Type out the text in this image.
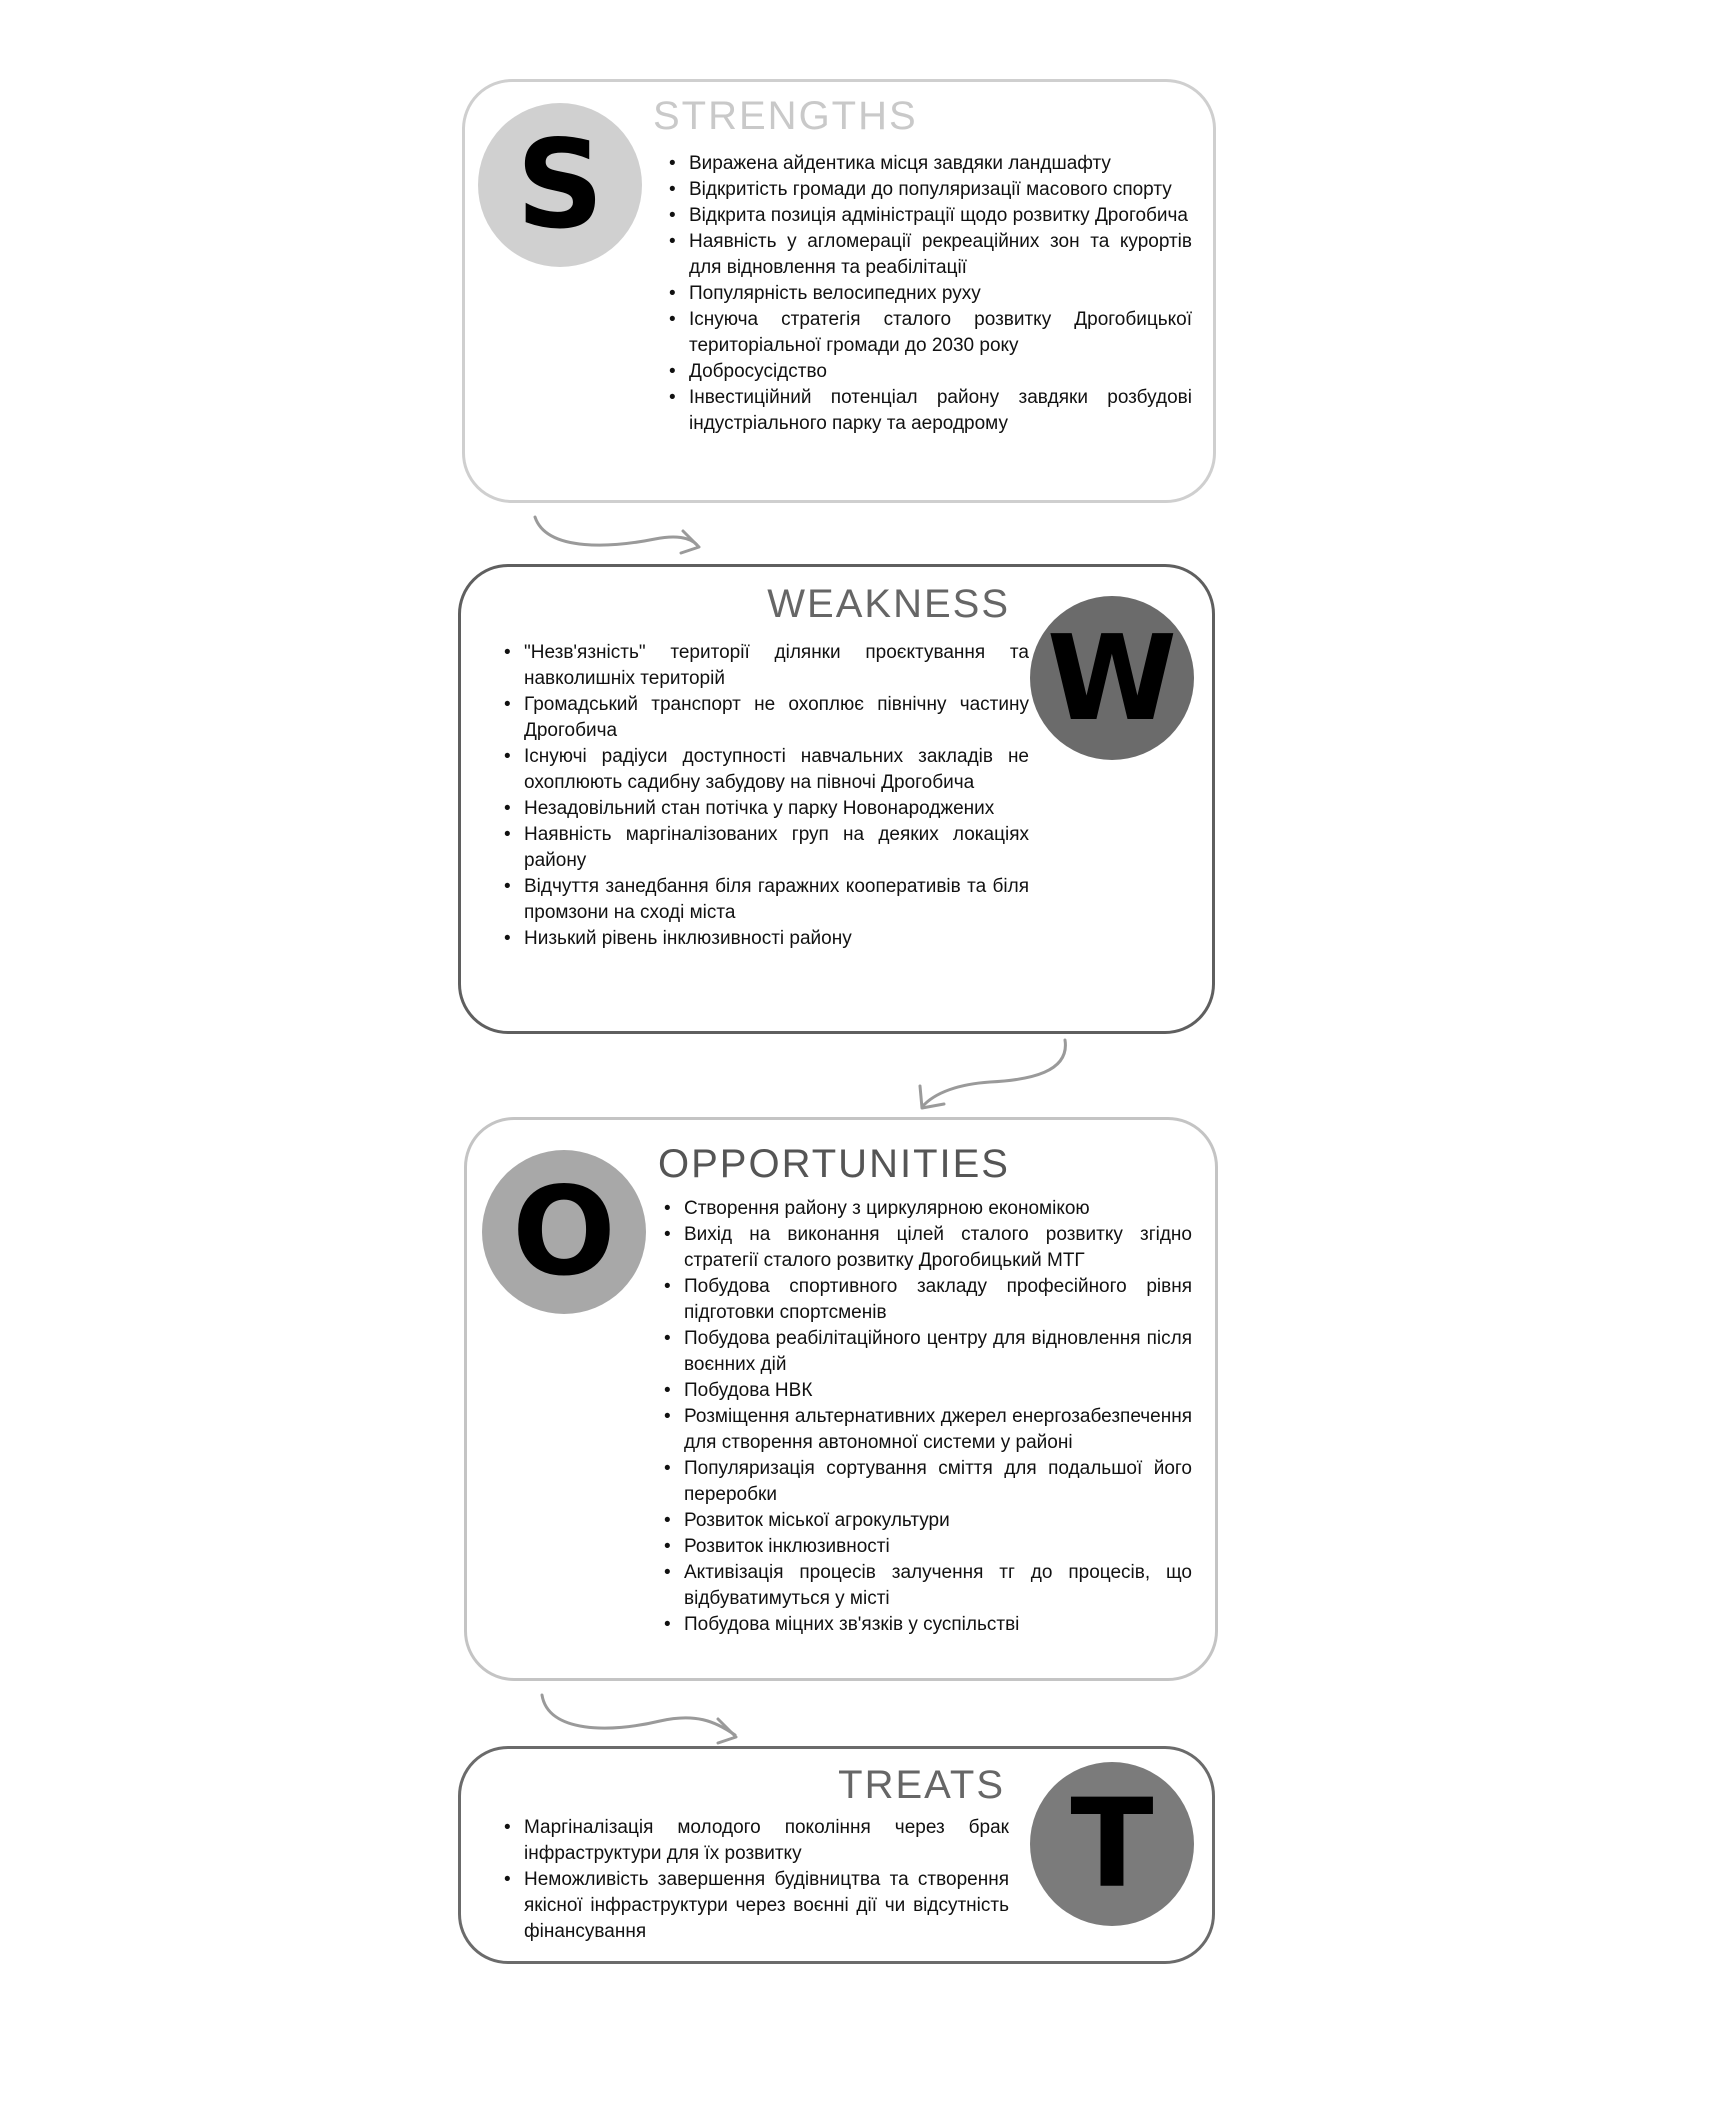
S	STRENGTHS
• Виражена айдентика місця завдяки ландшафту
• Відкритість громади до популяризації масового спорту
• Відкрита позиція адміністрації щодо розвитку Дрогобича
• Наявність у агломерації рекреаційних зон та курортів для відновлення та реабілітації
• Популярність велосипедних руху
• Існуюча стратегія сталого розвитку Дрогобицької територіальної громади до 2030 року
• Добросусідство
• Інвестиційний потенціал району завдяки розбудові індустріального парку та аеродрому
W
WEAKNESS
• "Незв'язність" території ділянки проєктування та навколишніх територій
• Громадський транспорт не охоплює північну частину Дрогобича
• Існуючі радіуси доступності навчальних закладів не охоплюють садибну забудову на півночі Дрогобича
• Незадовільний стан потічка у парку Новонароджених
• Наявність маргіналізованих груп на деяких локаціях району
• Відчуття занедбання біля гаражних кооперативів та біля промзони на сході міста
• Низький рівень інклюзивності району
O	OPPORTUNITIES
• Створення району з циркулярною економікою
• Вихід на виконання цілей сталого розвитку згідно стратегії сталого розвитку Дрогобицький МТГ
• Побудова спортивного закладу професійного рівня підготовки спортсменів
• Побудова реабілітаційного центру для відновлення після воєнних дій
• Побудова НВК
• Розміщення альтернативних джерел енергозабезпечення для створення автономної системи у районі
• Популяризація сортування сміття для подальшої його переробки
• Розвиток міської агрокультури
• Розвиток інклюзивності
• Активізація процесів залучення тг до процесів, що відбуватимуться у місті
• Побудова міцних зв'язків у суспільстві
T
TREATS
• Маргіналізація молодого покоління через брак інфраструктури для їх розвитку
• Неможливість завершення будівництва та створення якісної інфраструктури через воєнні дії чи відсутність фінансування
